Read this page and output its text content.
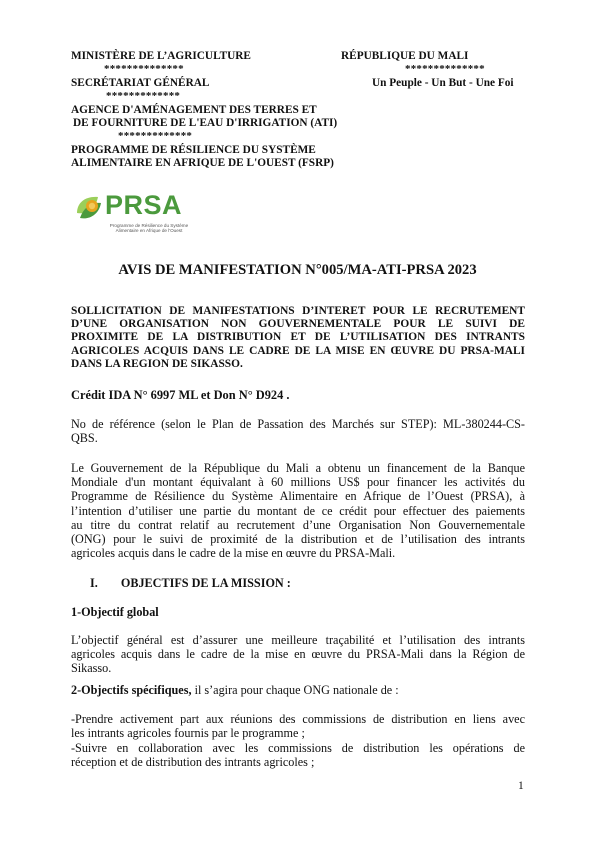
MINISTÈRE DE L’AGRICULTURE
**************
SECRÉTARIAT GÉNÉRAL
*************
AGENCE D'AMÉNAGEMENT DES TERRES ET
DE FOURNITURE DE L'EAU D'IRRIGATION (ATI)
*************
PROGRAMME DE RÉSILIENCE DU SYSTÈME
ALIMENTAIRE EN AFRIQUE DE L'OUEST (FSRP)
RÉPUBLIQUE DU MALI
**************
Un Peuple - Un But - Une Foi
PRSA
Programme de Résilience du Système Alimentaire en Afrique de l'Ouest
AVIS DE MANIFESTATION N°005/MA-ATI-PRSA 2023
SOLLICITATION DE MANIFESTATIONS D’INTERET POUR LE RECRUTEMENT
D’UNE ORGANISATION NON GOUVERNEMENTALE POUR LE SUIVI DE
PROXIMITE DE LA DISTRIBUTION ET DE L’UTILISATION DES INTRANTS
AGRICOLES ACQUIS DANS LE CADRE DE LA MISE EN ŒUVRE DU PRSA-MALI
DANS LA REGION DE SIKASSO.
Crédit IDA N° 6997 ML et Don N° D924 .
No de référence (selon le Plan de Passation des Marchés sur STEP): ML-380244-CS-
QBS.
Le Gouvernement de la République du Mali a obtenu un financement de la Banque
Mondiale d'un montant équivalant à 60 millions US$ pour financer les activités du
Programme de Résilience du Système Alimentaire en Afrique de l’Ouest (PRSA), à
l’intention d’utiliser une partie du montant de ce crédit pour effectuer des paiements
au titre du contrat relatif au recrutement d’une Organisation Non Gouvernementale
(ONG) pour le suivi de proximité de la distribution et de l’utilisation des intrants
agricoles acquis dans le cadre de la mise en œuvre du PRSA-Mali.
I. OBJECTIFS DE LA MISSION :
1-Objectif global
L’objectif général est d’assurer une meilleure traçabilité et l’utilisation des intrants
agricoles acquis dans le cadre de la mise en œuvre du PRSA-Mali dans la Région de
Sikasso.
2-Objectifs spécifiques, il s’agira pour chaque ONG nationale de :
-Prendre activement part aux réunions des commissions de distribution en liens avec
les intrants agricoles fournis par le programme ;
-Suivre en collaboration avec les commissions de distribution les opérations de
réception et de distribution des intrants agricoles ;
1
